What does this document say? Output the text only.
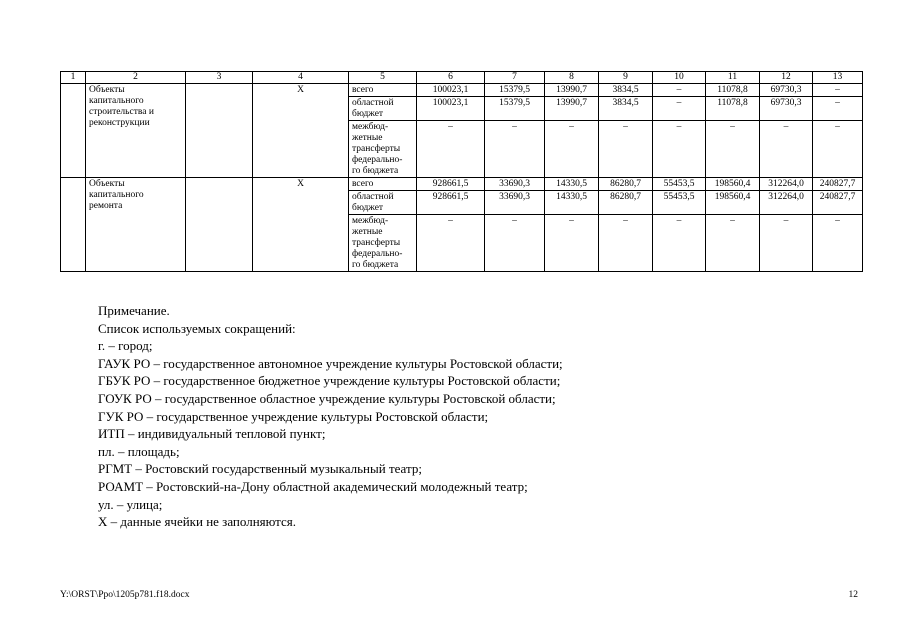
1	2	3	4	5	6	7	8	9	10	11	12	13

	Объекты
капитального
строительства и
реконструкции		Х	всего	100023,1	15379,5	13990,7	3834,5	–	11078,8	69730,3	–

				областной
бюджет	100023,1	15379,5	13990,7	3834,5	–	11078,8	69730,3	–

				межбюд-
жетные
трансферты
федерально-
го бюджета	–	–	–	–	–	–	–	–

	Объекты
капитального
ремонта		Х	всего	928661,5	33690,3	14330,5	86280,7	55453,5	198560,4	312264,0	240827,7

				областной
бюджет	928661,5	33690,3	14330,5	86280,7	55453,5	198560,4	312264,0	240827,7

				межбюд-
жетные
трансферты
федерально-
го бюджета	–	–	–	–	–	–	–	–
Примечание.
Список используемых сокращений:
г. – город;
ГАУК РО – государственное автономное учреждение культуры Ростовской области;
ГБУК РО – государственное бюджетное учреждение культуры Ростовской области;
ГОУК РО – государственное областное учреждение культуры Ростовской области;
ГУК РО – государственное учреждение культуры Ростовской области;
ИТП – индивидуальный тепловой пункт;
пл. – площадь;
РГМТ – Ростовский государственный музыкальный театр;
РОАМТ – Ростовский-на-Дону областной академический молодежный театр;
ул. – улица;
Х – данные ячейки не заполняются.
Y:\ORST\Ppo\1205p781.f18.docx	12
